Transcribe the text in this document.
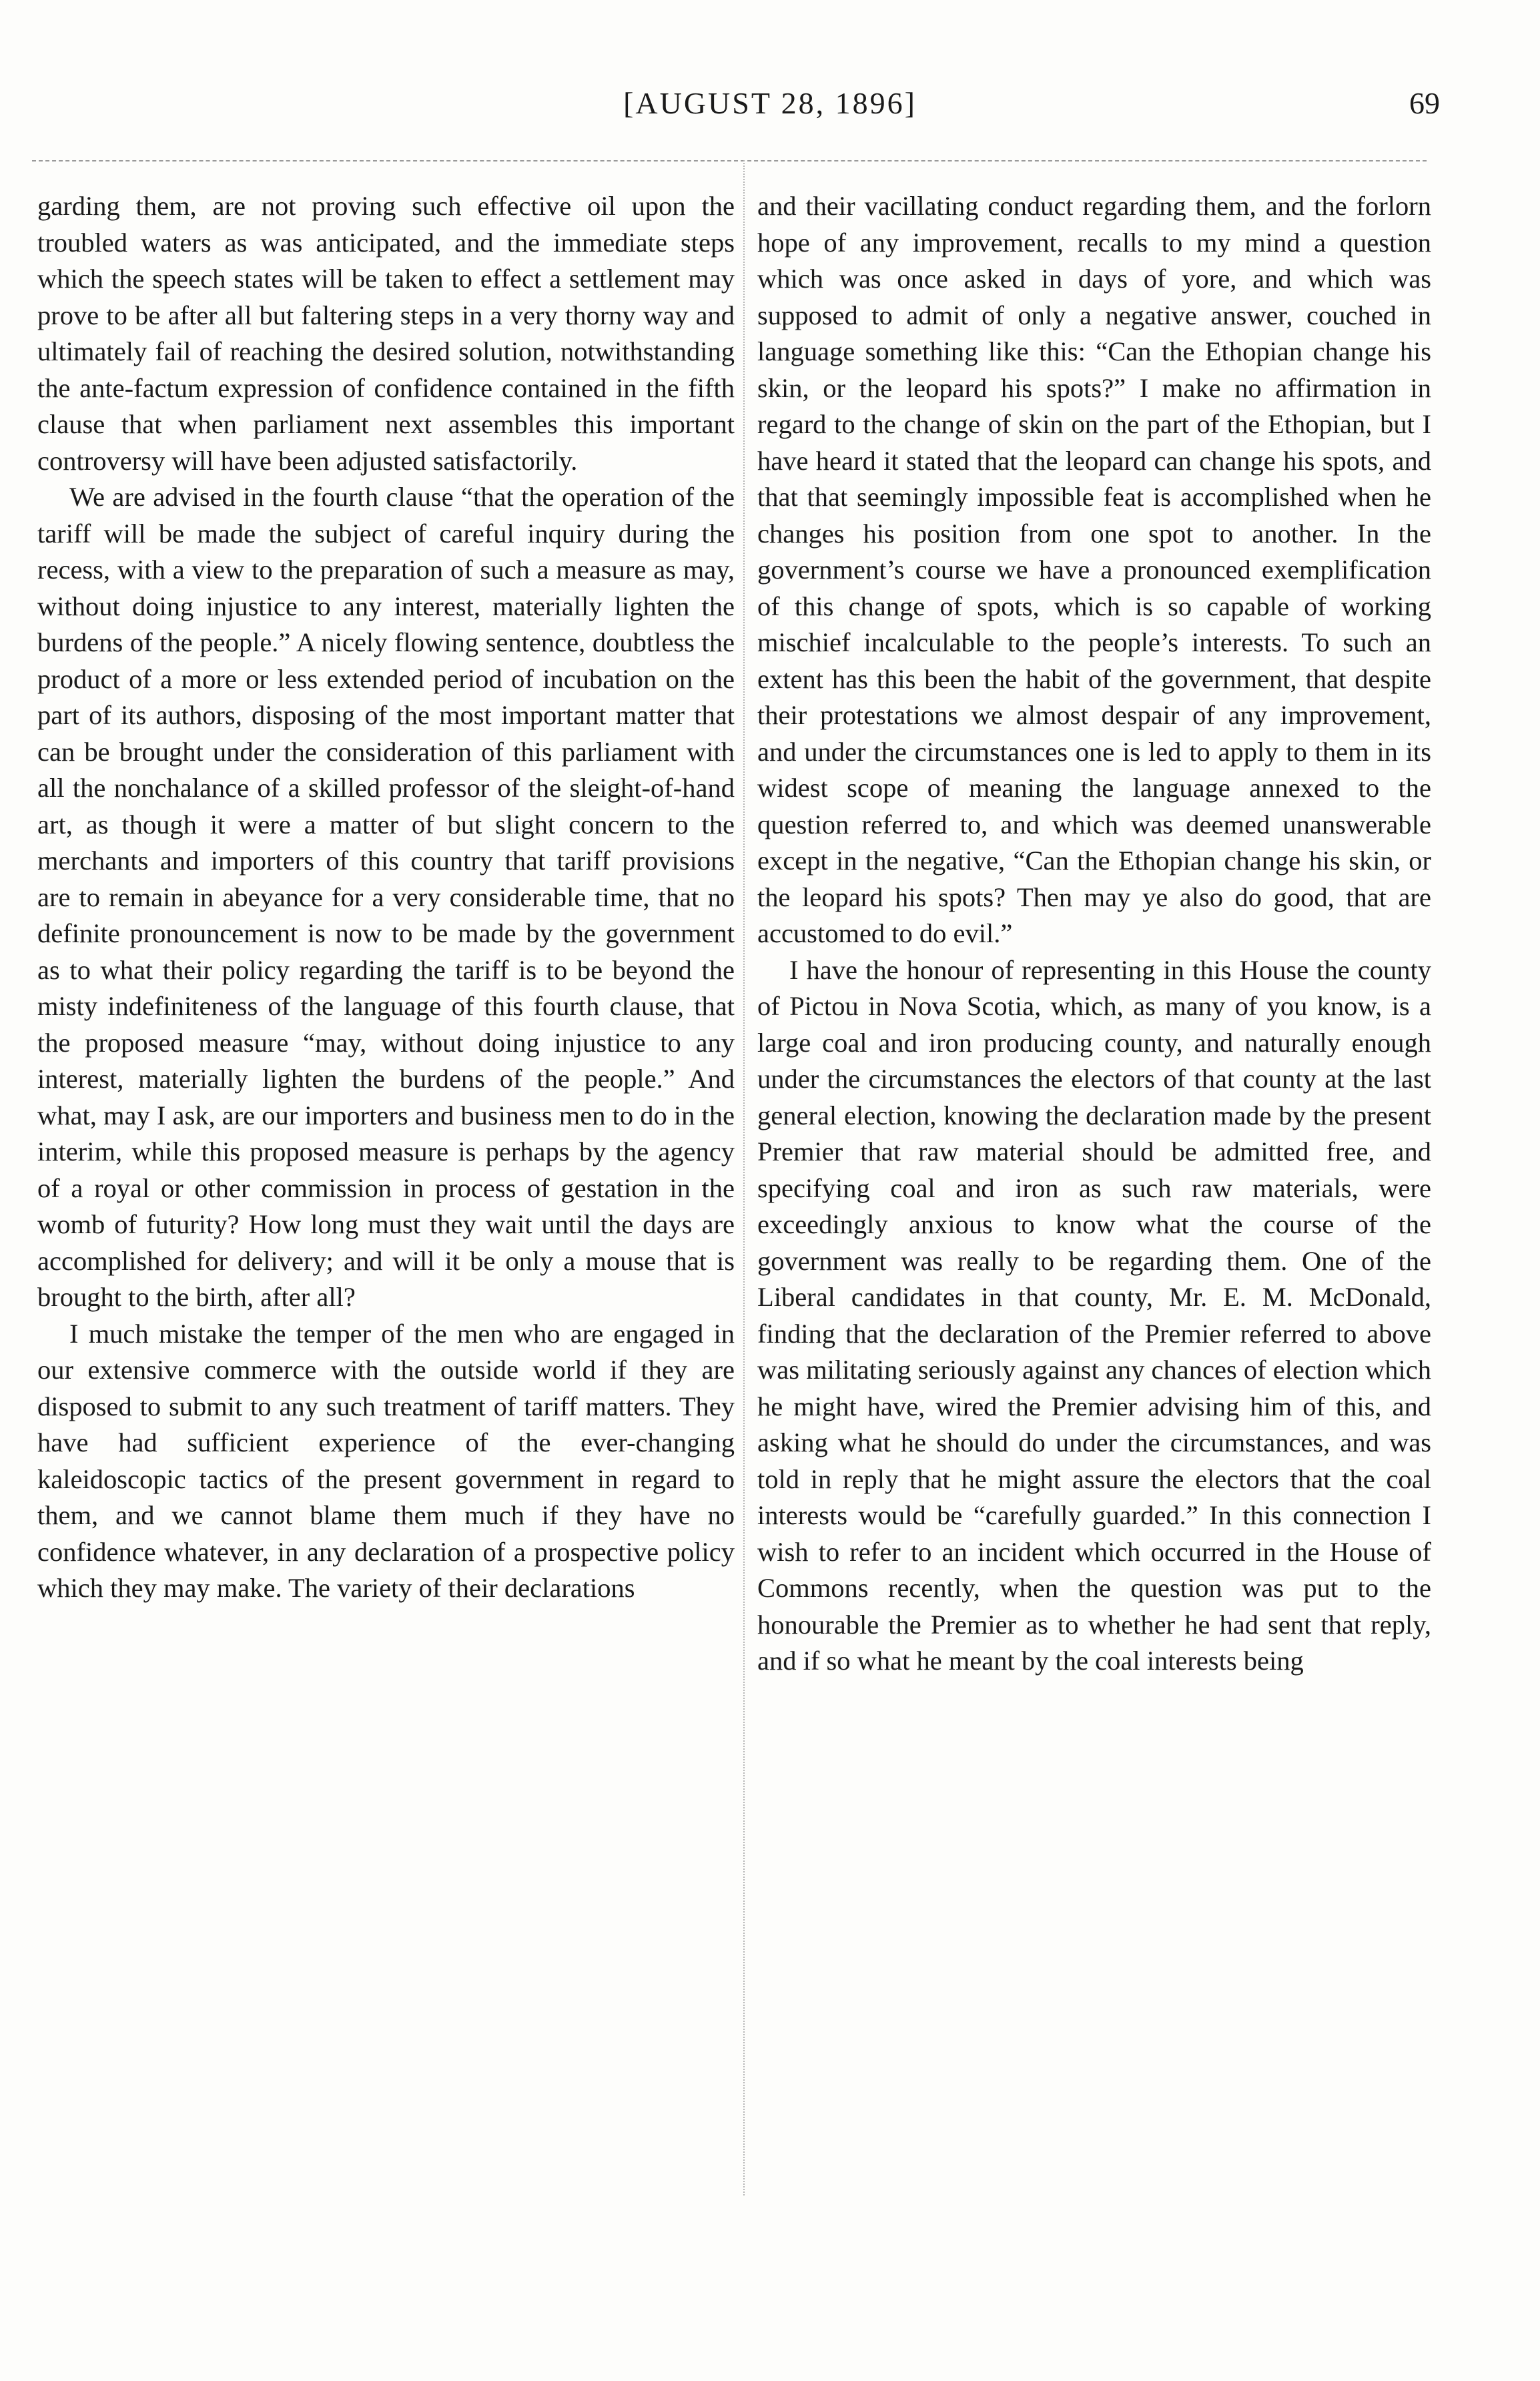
[AUGUST 28, 1896]	69

garding them, are not proving such effective oil upon the troubled waters as was anticipated, and the immediate steps which the speech states will be taken to effect a settlement may prove to be after all but faltering steps in a very thorny way and ultimately fail of reaching the desired solution, notwithstanding the ante-factum expression of confidence contained in the fifth clause that when parliament next assembles this important controversy will have been adjusted satisfactorily.

We are advised in the fourth clause “that the operation of the tariff will be made the subject of careful inquiry during the recess, with a view to the preparation of such a measure as may, without doing injustice to any interest, materially lighten the burdens of the people.” A nicely flowing sentence, doubtless the product of a more or less extended period of incubation on the part of its authors, disposing of the most important matter that can be brought under the consideration of this parliament with all the nonchalance of a skilled professor of the sleight-of-hand art, as though it were a matter of but slight concern to the merchants and importers of this country that tariff provisions are to remain in abeyance for a very considerable time, that no definite pronouncement is now to be made by the government as to what their policy regarding the tariff is to be beyond the misty indefiniteness of the language of this fourth clause, that the proposed measure “may, without doing injustice to any interest, materially lighten the burdens of the people.” And what, may I ask, are our importers and business men to do in the interim, while this proposed measure is perhaps by the agency of a royal or other commission in process of gestation in the womb of futurity? How long must they wait until the days are accomplished for delivery; and will it be only a mouse that is brought to the birth, after all?

I much mistake the temper of the men who are engaged in our extensive commerce with the outside world if they are disposed to submit to any such treatment of tariff matters. They have had sufficient experience of the ever-changing kaleidoscopic tactics of the present government in regard to them, and we cannot blame them much if they have no confidence whatever, in any declaration of a prospective policy which they may make. The variety of their declarations

and their vacillating conduct regarding them, and the forlorn hope of any improvement, recalls to my mind a question which was once asked in days of yore, and which was supposed to admit of only a negative answer, couched in language something like this: “Can the Ethopian change his skin, or the leopard his spots?” I make no affirmation in regard to the change of skin on the part of the Ethopian, but I have heard it stated that the leopard can change his spots, and that that seemingly impossible feat is accomplished when he changes his position from one spot to another. In the government’s course we have a pronounced exemplification of this change of spots, which is so capable of working mischief incalculable to the people’s interests. To such an extent has this been the habit of the government, that despite their protestations we almost despair of any improvement, and under the circumstances one is led to apply to them in its widest scope of meaning the language annexed to the question referred to, and which was deemed unanswerable except in the negative, “Can the Ethopian change his skin, or the leopard his spots? Then may ye also do good, that are accustomed to do evil.”

I have the honour of representing in this House the county of Pictou in Nova Scotia, which, as many of you know, is a large coal and iron producing county, and naturally enough under the circumstances the electors of that county at the last general election, knowing the declaration made by the present Premier that raw material should be admitted free, and specifying coal and iron as such raw materials, were exceedingly anxious to know what the course of the government was really to be regarding them. One of the Liberal candidates in that county, Mr. E. M. McDonald, finding that the declaration of the Premier referred to above was militating seriously against any chances of election which he might have, wired the Premier advising him of this, and asking what he should do under the circumstances, and was told in reply that he might assure the electors that the coal interests would be “carefully guarded.” In this connection I wish to refer to an incident which occurred in the House of Commons recently, when the question was put to the honourable the Premier as to whether he had sent that reply, and if so what he meant by the coal interests being
